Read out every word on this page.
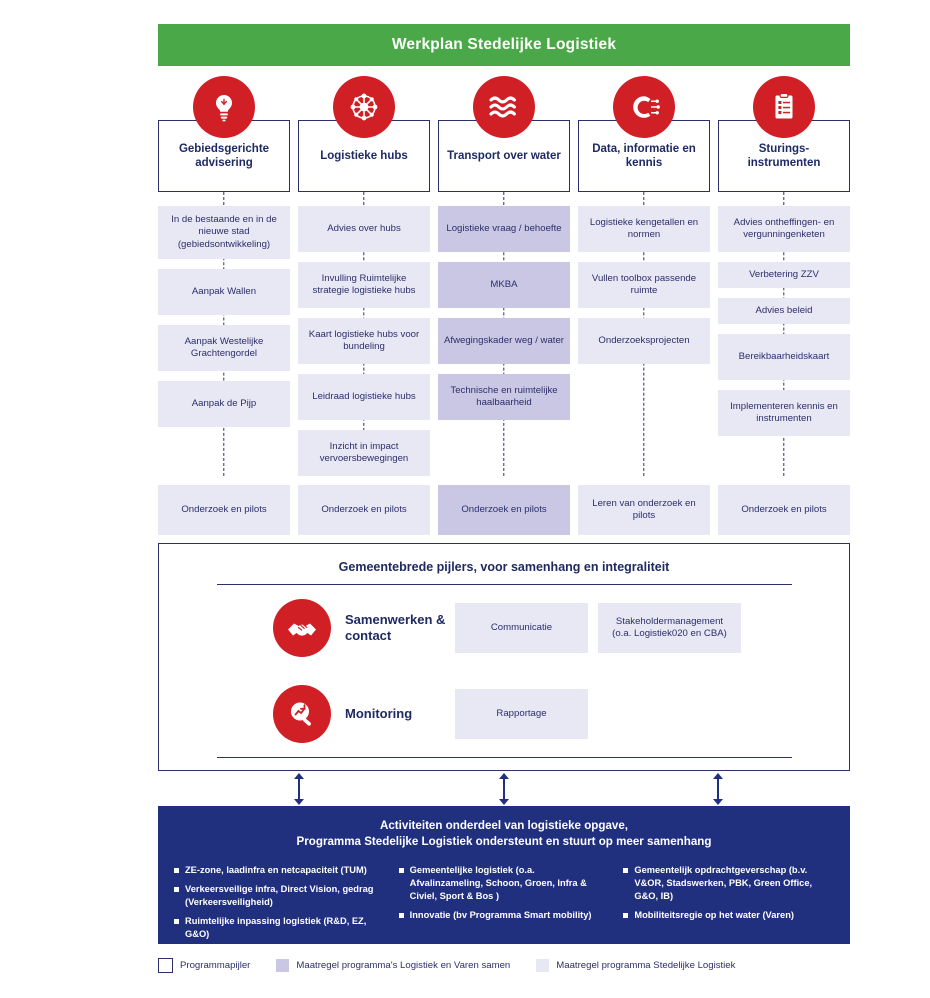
Werkplan Stedelijke Logistiek
Gebiedsgerichte advisering
In de bestaande en in de nieuwe stad (gebiedsontwikkeling)
Aanpak Wallen
Aanpak Westelijke Grachtengordel
Aanpak de Pijp
Logistieke hubs
Advies over hubs
Invulling Ruimtelijke strategie logistieke hubs
Kaart logistieke hubs voor bundeling
Leidraad logistieke hubs
Inzicht in impact vervoersbewegingen
Transport over water
Logistieke vraag / behoefte
MKBA
Afwegingskader weg / water
Technische en ruimtelijke haalbaarheid
Data, informatie en kennis
Logistieke kengetallen en normen
Vullen toolbox passende ruimte
Onderzoeksprojecten
Sturings- instrumenten
Advies ontheffingen- en vergunningenketen
Verbetering ZZV
Advies beleid
Bereikbaarheidskaart
Implementeren kennis en instrumenten
Onderzoek en pilots	Onderzoek en pilots	Onderzoek en pilots
Leren van onderzoek en pilots
Onderzoek en pilots
Gemeentebrede pijlers, voor samenhang en integraliteit
Samenwerken & contact
Communicatie
Stakeholdermanagement (o.a. Logistiek020 en CBA)
Monitoring	Rapportage
Activiteiten onderdeel van logistieke opgave,
Programma Stedelijke Logistiek ondersteunt en stuurt op meer samenhang
ZE-zone, laadinfra en netcapaciteit (TUM)
Verkeersveilige infra, Direct Vision, gedrag (Verkeersveiligheid)
Ruimtelijke inpassing logistiek (R&D, EZ, G&O)
Gemeentelijke logistiek (o.a. Afvalinzameling, Schoon, Groen, Infra & Civiel, Sport & Bos )
Innovatie (bv Programma Smart mobility)
Gemeentelijk opdrachtgeverschap (b.v. V&OR, Stadswerken, PBK, Green Office, G&O, IB)
Mobiliteitsregie op het water (Varen)
Programmapijler	Maatregel programma's Logistiek en Varen samen	Maatregel programma Stedelijke Logistiek
